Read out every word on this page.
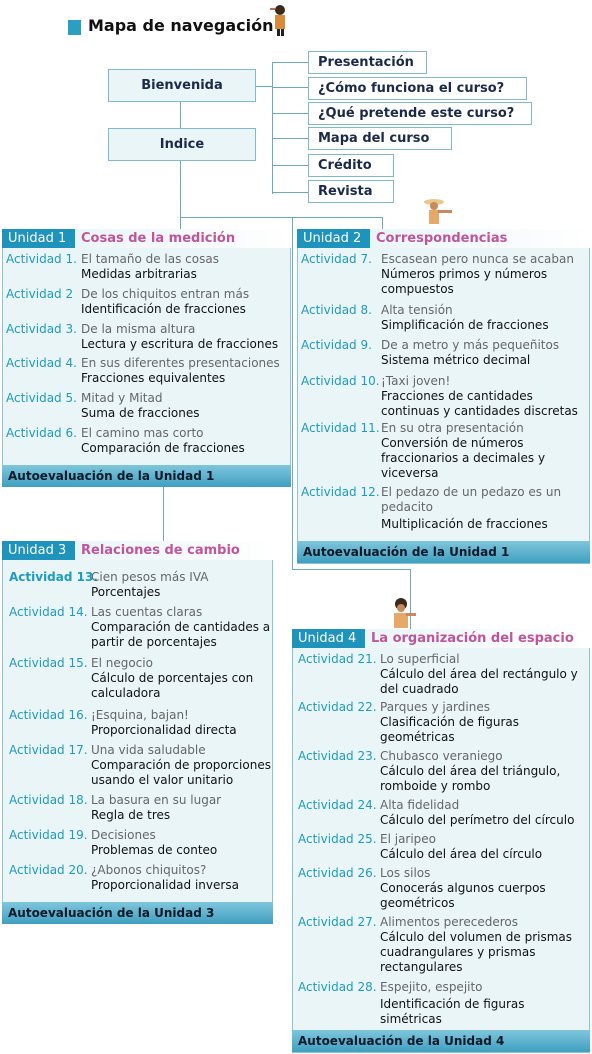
Mapa de navegación
Bienvenida
Indice
Presentación
¿Cómo funciona el curso?
¿Qué pretende este curso?
Mapa del curso
Crédito
Revista
Unidad 1	Cosas de la medición
Actividad 1. El tamaño de las cosas
Medidas arbitrarias
Actividad 2 De los chiquitos entran más
Identificación de fracciones
Actividad 3. De la misma altura
Lectura y escritura de fracciones
Actividad 4. En sus diferentes presentaciones
Fracciones equivalentes
Actividad 5. Mitad y Mitad
Suma de fracciones
Actividad 6. El camino mas corto
Comparación de fracciones
Autoevaluación de la Unidad 1
Unidad 2	Correspondencias
Actividad 7. Escasean pero nunca se acaban
Números primos y números compuestos
Actividad 8. Alta tensión
Simplificación de fracciones
Actividad 9. De a metro y más pequeñitos
Sistema métrico decimal
Actividad 10. ¡Taxi joven!
Fracciones de cantidades continuas y cantidades discretas
Actividad 11. En su otra presentación
Conversión de números fraccionarios a decimales y viceversa
Actividad 12. El pedazo de un pedazo es un pedacito
Multiplicación de fracciones
Autoevaluación de la Unidad 1
Unidad 3	Relaciones de cambio
Actividad 13.
Cien pesos más IVA
Porcentajes
Actividad 14. Las cuentas claras
Comparación de cantidades a partir de porcentajes
Actividad 15. El negocio
Cálculo de porcentajes con calculadora
Actividad 16. ¡Esquina, bajan!
Proporcionalidad directa
Actividad 17. Una vida saludable
Comparación de proporciones usando el valor unitario
Actividad 18. La basura en su lugar
Regla de tres
Actividad 19. Decisiones
Problemas de conteo
Actividad 20. ¿Abonos chiquitos?
Proporcionalidad inversa
Autoevaluación de la Unidad 3
Unidad 4	La organización del espacio
Actividad 21. Lo superficial
Cálculo del área del rectángulo y del cuadrado
Actividad 22. Parques y jardines
Clasificación de figuras geométricas
Actividad 23. Chubasco veraniego
Cálculo del área del triángulo, romboide y rombo
Actividad 24. Alta fidelidad
Cálculo del perímetro del círculo
Actividad 25. El jaripeo
Cálculo del área del círculo
Actividad 26. Los silos
Conocerás algunos cuerpos geométricos
Actividad 27. Alimentos perecederos
Cálculo del volumen de prismas cuadrangulares y prismas rectangulares
Actividad 28. Espejito, espejito
Identificación de figuras simétricas
Autoevaluación de la Unidad 4
